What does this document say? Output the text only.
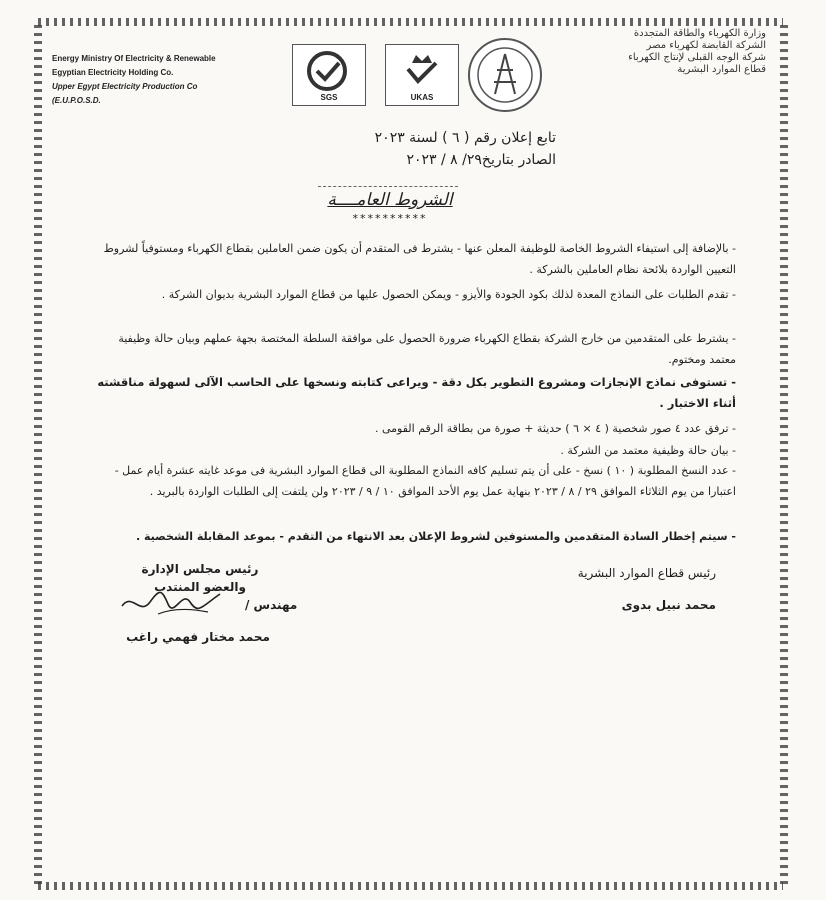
Energy Ministry Of Electricity & Renewable
Egyptian Electricity Holding Co.
Upper Egypt Electricity Production Co
(E.U.P.O.S.D.	SGS	UKAS
وزارة الكهرباء والطاقة المتجددة
الشركة القابضة لكهرباء مصر
شركة الوجه القبلى لإنتاج الكهرباء
قطاع الموارد البشرية
تابع إعلان رقم ( ٦ ) لسنة ٢٠٢٣
الصادر بتاريخ٢٩/ ٨ / ٢٠٢٣
الشروط العامــــة
**********
- بالإضافة إلى استيفاء الشروط الخاصة للوظيفة المعلن عنها - يشترط فى المتقدم أن يكون ضمن العاملين بقطاع الكهرباء ومستوفياً لشروط التعيين الواردة بلائحة نظام العاملين بالشركة .
- تقدم الطلبات على النماذج المعدة لذلك بكود الجودة والأيزو - ويمكن الحصول عليها من قطاع الموارد البشرية بديوان الشركة .
- يشترط على المتقدمين من خارج الشركة بقطاع الكهرباء ضرورة الحصول على موافقة السلطة المختصة بجهة عملهم وبيان حالة وظيفية معتمد ومختوم.
- تستوفى نماذج الإنجازات ومشروع التطوير بكل دقة - ويراعى كتابته ونسخها على الحاسب الآلى لسهولة مناقشته أثناء الاختبار .
- ترفق عدد ٤ صور شخصية ( ٤ × ٦ ) حديثة + صورة من بطاقة الرقم القومى .
- بيان حالة وظيفية معتمد من الشركة .
- عدد النسخ المطلوبة ( ١٠ ) نسخ - على أن يتم تسليم كافه النماذج المطلوبة الى قطاع الموارد البشرية فى موعد غايته عشرة أيام عمل - اعتبارا من يوم الثلاثاء الموافق ٢٩ / ٨ / ٢٠٢٣ بنهاية عمل يوم الأحد الموافق ١٠ / ٩ / ٢٠٢٣ ولن يلتفت إلى الطلبات الواردة بالبريد .
- سيتم إخطار السادة المتقدمين والمستوفين لشروط الإعلان بعد الانتهاء من التقدم - بموعد المقابلة الشخصية .
رئيس مجلس الإدارة
والعضو المنتدب
مهندس /
محمد مختار فهمي راغب
رئيس قطاع الموارد البشرية
محمد نبيل بدوى
